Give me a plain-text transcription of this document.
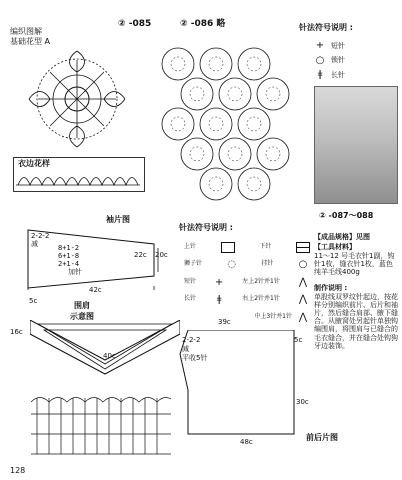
编织图解
基础花型 A
② -085	② -086 略	针法符号说明 :
+ 短针
○ 锁针
ǂ	长针
衣边花样
② -087～088
袖片图
2-2-2
减	8+1-2
6+1-8
2+1-4
加针
22c 20c
5c
42c
针法符号说明 :
上针	下针
狮子针	◌	挂针	○
短针 +	左上2针并1针 ⋀
长针	ǂ	右上2针并1针 ⋀
中上3针并1针 ⋀
围肩
示意图
16c
40c
39c
2-2-2
减
平收5针
5c
30c
48c	前后片图
【成品规格】见图
【工具材料】
11～12 号毛衣针1副，钩针1枚，缝衣针1枚，蓝色纯羊毛线400g
制作说明 :
单股线双罗纹针起边，按花样分别编织前片、后片和袖片，然后缝合肩部、腋下缝合。从腋窝处另起针单独钩编围肩，将围肩与已缝合的毛衣缝合，并在缝合处钩狗牙边装饰。
128
